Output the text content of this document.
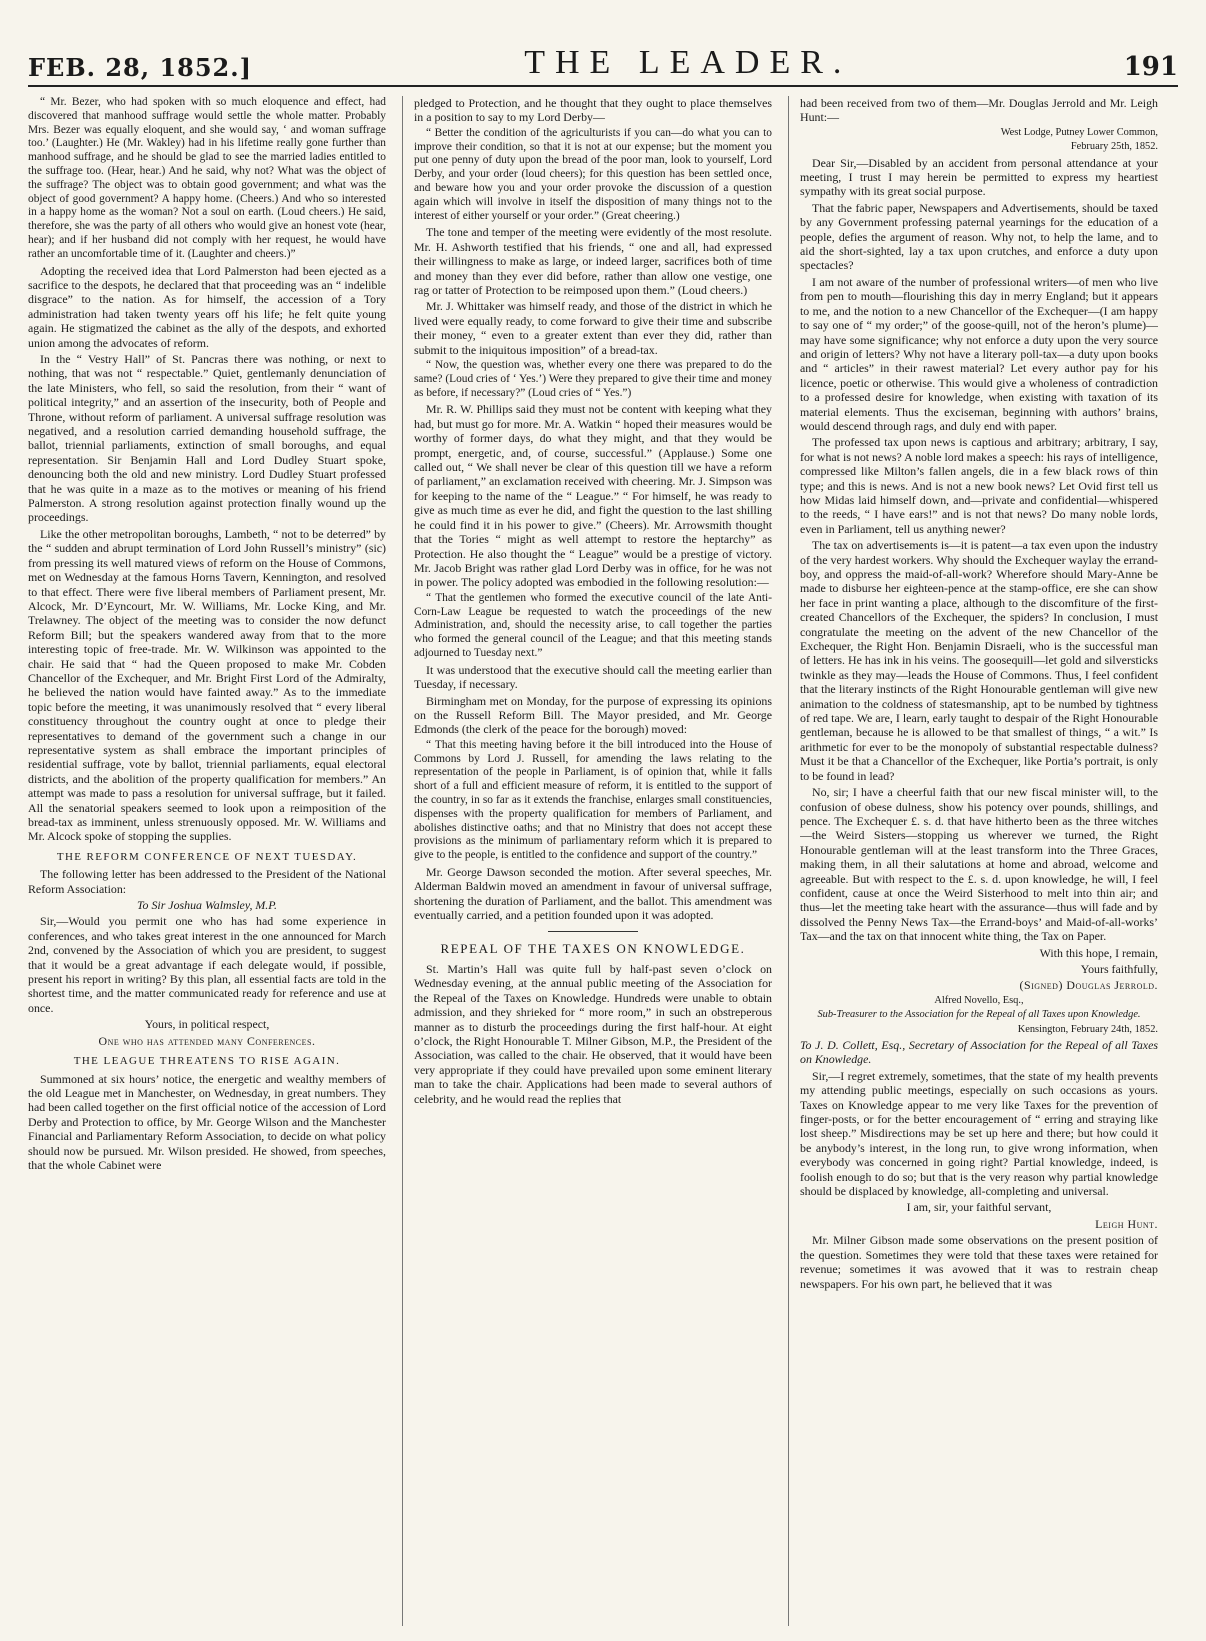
FEB. 28, 1852.]	THE LEADER.	191

“ Mr. Bezer, who had spoken with so much eloquence and effect, had discovered that manhood suffrage would settle the whole matter. Probably Mrs. Bezer was equally eloquent, and she would say, ‘ and woman suffrage too.’ (Laughter.) He (Mr. Wakley) had in his lifetime really gone further than manhood suffrage, and he should be glad to see the married ladies entitled to the suffrage too. (Hear, hear.) And he said, why not? What was the object of the suffrage? The object was to obtain good government; and what was the object of good government? A happy home. (Cheers.) And who so interested in a happy home as the woman? Not a soul on earth. (Loud cheers.) He said, therefore, she was the party of all others who would give an honest vote (hear, hear); and if her husband did not comply with her request, he would have rather an uncomfortable time of it. (Laughter and cheers.)”

Adopting the received idea that Lord Palmerston had been ejected as a sacrifice to the despots, he declared that that proceeding was an “ indelible disgrace” to the nation. As for himself, the accession of a Tory administration had taken twenty years off his life; he felt quite young again. He stigmatized the cabinet as the ally of the despots, and exhorted union among the advocates of reform.

In the “ Vestry Hall” of St. Pancras there was nothing, or next to nothing, that was not “ respectable.” Quiet, gentlemanly denunciation of the late Ministers, who fell, so said the resolution, from their “ want of political integrity,” and an assertion of the insecurity, both of People and Throne, without reform of parliament. A universal suffrage resolution was negatived, and a resolution carried demanding household suffrage, the ballot, triennial parliaments, extinction of small boroughs, and equal representation. Sir Benjamin Hall and Lord Dudley Stuart spoke, denouncing both the old and new ministry. Lord Dudley Stuart professed that he was quite in a maze as to the motives or meaning of his friend Palmerston. A strong resolution against protection finally wound up the proceedings.

Like the other metropolitan boroughs, Lambeth, “ not to be deterred” by the “ sudden and abrupt termination of Lord John Russell’s ministry” (sic) from pressing its well matured views of reform on the House of Commons, met on Wednesday at the famous Horns Tavern, Kennington, and resolved to that effect. There were five liberal members of Parliament present, Mr. Alcock, Mr. D’Eyncourt, Mr. W. Williams, Mr. Locke King, and Mr. Trelawney. The object of the meeting was to consider the now defunct Reform Bill; but the speakers wandered away from that to the more interesting topic of free-trade. Mr. W. Wilkinson was appointed to the chair. He said that “ had the Queen proposed to make Mr. Cobden Chancellor of the Exchequer, and Mr. Bright First Lord of the Admiralty, he believed the nation would have fainted away.” As to the immediate topic before the meeting, it was unanimously resolved that “ every liberal constituency throughout the country ought at once to pledge their representatives to demand of the government such a change in our representative system as shall embrace the important principles of residential suffrage, vote by ballot, triennial parliaments, equal electoral districts, and the abolition of the property qualification for members.” An attempt was made to pass a resolution for universal suffrage, but it failed. All the senatorial speakers seemed to look upon a reimposition of the bread-tax as imminent, unless strenuously opposed. Mr. W. Williams and Mr. Alcock spoke of stopping the supplies.

THE REFORM CONFERENCE OF NEXT TUESDAY.

The following letter has been addressed to the President of the National Reform Association:

To Sir Joshua Walmsley, M.P.

Sir,—Would you permit one who has had some experience in conferences, and who takes great interest in the one announced for March 2nd, convened by the Association of which you are president, to suggest that it would be a great advantage if each delegate would, if possible, present his report in writing? By this plan, all essential facts are told in the shortest time, and the matter communicated ready for reference and use at once.

Yours, in political respect,

One who has attended many Conferences.

THE LEAGUE THREATENS TO RISE AGAIN.

Summoned at six hours’ notice, the energetic and wealthy members of the old League met in Manchester, on Wednesday, in great numbers. They had been called together on the first official notice of the accession of Lord Derby and Protection to office, by Mr. George Wilson and the Manchester Financial and Parliamentary Reform Association, to decide on what policy should now be pursued. Mr. Wilson presided. He showed, from speeches, that the whole Cabinet were

pledged to Protection, and he thought that they ought to place themselves in a position to say to my Lord Derby—

“ Better the condition of the agriculturists if you can—do what you can to improve their condition, so that it is not at our expense; but the moment you put one penny of duty upon the bread of the poor man, look to yourself, Lord Derby, and your order (loud cheers); for this question has been settled once, and beware how you and your order provoke the discussion of a question again which will involve in itself the disposition of many things not to the interest of either yourself or your order.” (Great cheering.)

The tone and temper of the meeting were evidently of the most resolute. Mr. H. Ashworth testified that his friends, “ one and all, had expressed their willingness to make as large, or indeed larger, sacrifices both of time and money than they ever did before, rather than allow one vestige, one rag or tatter of Protection to be reimposed upon them.” (Loud cheers.)

Mr. J. Whittaker was himself ready, and those of the district in which he lived were equally ready, to come forward to give their time and subscribe their money, “ even to a greater extent than ever they did, rather than submit to the iniquitous imposition” of a bread-tax.

“ Now, the question was, whether every one there was prepared to do the same? (Loud cries of ‘ Yes.’) Were they prepared to give their time and money as before, if necessary?” (Loud cries of “ Yes.”)

Mr. R. W. Phillips said they must not be content with keeping what they had, but must go for more. Mr. A. Watkin “ hoped their measures would be worthy of former days, do what they might, and that they would be prompt, energetic, and, of course, successful.” (Applause.) Some one called out, “ We shall never be clear of this question till we have a reform of parliament,” an exclamation received with cheering. Mr. J. Simpson was for keeping to the name of the “ League.” “ For himself, he was ready to give as much time as ever he did, and fight the question to the last shilling he could find it in his power to give.” (Cheers). Mr. Arrowsmith thought that the Tories “ might as well attempt to restore the heptarchy” as Protection. He also thought the “ League” would be a prestige of victory. Mr. Jacob Bright was rather glad Lord Derby was in office, for he was not in power. The policy adopted was embodied in the following resolution:—

“ That the gentlemen who formed the executive council of the late Anti-Corn-Law League be requested to watch the proceedings of the new Administration, and, should the necessity arise, to call together the parties who formed the general council of the League; and that this meeting stands adjourned to Tuesday next.”

It was understood that the executive should call the meeting earlier than Tuesday, if necessary.

Birmingham met on Monday, for the purpose of expressing its opinions on the Russell Reform Bill. The Mayor presided, and Mr. George Edmonds (the clerk of the peace for the borough) moved:

“ That this meeting having before it the bill introduced into the House of Commons by Lord J. Russell, for amending the laws relating to the representation of the people in Parliament, is of opinion that, while it falls short of a full and efficient measure of reform, it is entitled to the support of the country, in so far as it extends the franchise, enlarges small constituencies, dispenses with the property qualification for members of Parliament, and abolishes distinctive oaths; and that no Ministry that does not accept these provisions as the minimum of parliamentary reform which it is prepared to give to the people, is entitled to the confidence and support of the country.”

Mr. George Dawson seconded the motion. After several speeches, Mr. Alderman Baldwin moved an amendment in favour of universal suffrage, shortening the duration of Parliament, and the ballot. This amendment was eventually carried, and a petition founded upon it was adopted.

REPEAL OF THE TAXES ON KNOWLEDGE.

St. Martin’s Hall was quite full by half-past seven o’clock on Wednesday evening, at the annual public meeting of the Association for the Repeal of the Taxes on Knowledge. Hundreds were unable to obtain admission, and they shrieked for “ more room,” in such an obstreperous manner as to disturb the proceedings during the first half-hour. At eight o’clock, the Right Honourable T. Milner Gibson, M.P., the President of the Association, was called to the chair. He observed, that it would have been very appropriate if they could have prevailed upon some eminent literary man to take the chair. Applications had been made to several authors of celebrity, and he would read the replies that

had been received from two of them—Mr. Douglas Jerrold and Mr. Leigh Hunt:—

West Lodge, Putney Lower Common,

February 25th, 1852.

Dear Sir,—Disabled by an accident from personal attendance at your meeting, I trust I may herein be permitted to express my heartiest sympathy with its great social purpose.

That the fabric paper, Newspapers and Advertisements, should be taxed by any Government professing paternal yearnings for the education of a people, defies the argument of reason. Why not, to help the lame, and to aid the short-sighted, lay a tax upon crutches, and enforce a duty upon spectacles?

I am not aware of the number of professional writers—of men who live from pen to mouth—flourishing this day in merry England; but it appears to me, and the notion to a new Chancellor of the Exchequer—(I am happy to say one of “ my order;” of the goose-quill, not of the heron’s plume)—may have some significance; why not enforce a duty upon the very source and origin of letters? Why not have a literary poll-tax—a duty upon books and “ articles” in their rawest material? Let every author pay for his licence, poetic or otherwise. This would give a wholeness of contradiction to a professed desire for knowledge, when existing with taxation of its material elements. Thus the exciseman, beginning with authors’ brains, would descend through rags, and duly end with paper.

The professed tax upon news is captious and arbitrary; arbitrary, I say, for what is not news? A noble lord makes a speech: his rays of intelligence, compressed like Milton’s fallen angels, die in a few black rows of thin type; and this is news. And is not a new book news? Let Ovid first tell us how Midas laid himself down, and—private and confidential—whispered to the reeds, “ I have ears!” and is not that news? Do many noble lords, even in Parliament, tell us anything newer?

The tax on advertisements is—it is patent—a tax even upon the industry of the very hardest workers. Why should the Exchequer waylay the errand-boy, and oppress the maid-of-all-work? Wherefore should Mary-Anne be made to disburse her eighteen-pence at the stamp-office, ere she can show her face in print wanting a place, although to the discomfiture of the first-created Chancellors of the Exchequer, the spiders? In conclusion, I must congratulate the meeting on the advent of the new Chancellor of the Exchequer, the Right Hon. Benjamin Disraeli, who is the successful man of letters. He has ink in his veins. The goosequill—let gold and silversticks twinkle as they may—leads the House of Commons. Thus, I feel confident that the literary instincts of the Right Honourable gentleman will give new animation to the coldness of statesmanship, apt to be numbed by tightness of red tape. We are, I learn, early taught to despair of the Right Honourable gentleman, because he is allowed to be that smallest of things, “ a wit.” Is arithmetic for ever to be the monopoly of substantial respectable dulness? Must it be that a Chancellor of the Exchequer, like Portia’s portrait, is only to be found in lead?

No, sir; I have a cheerful faith that our new fiscal minister will, to the confusion of obese dulness, show his potency over pounds, shillings, and pence. The Exchequer £. s. d. that have hitherto been as the three witches—the Weird Sisters—stopping us wherever we turned, the Right Honourable gentleman will at the least transform into the Three Graces, making them, in all their salutations at home and abroad, welcome and agreeable. But with respect to the £. s. d. upon knowledge, he will, I feel confident, cause at once the Weird Sisterhood to melt into thin air; and thus—let the meeting take heart with the assurance—thus will fade and by dissolved the Penny News Tax—the Errand-boys’ and Maid-of-all-works’ Tax—and the tax on that innocent white thing, the Tax on Paper.

With this hope, I remain,

Yours faithfully,

(Signed) Douglas Jerrold.

Alfred Novello, Esq.,

Sub-Treasurer to the Association for the Repeal of all Taxes upon Knowledge.

Kensington, February 24th, 1852.

To J. D. Collett, Esq., Secretary of Association for the Repeal of all Taxes on Knowledge.

Sir,—I regret extremely, sometimes, that the state of my health prevents my attending public meetings, especially on such occasions as yours. Taxes on Knowledge appear to me very like Taxes for the prevention of finger-posts, or for the better encouragement of “ erring and straying like lost sheep.” Misdirections may be set up here and there; but how could it be anybody’s interest, in the long run, to give wrong information, when everybody was concerned in going right? Partial knowledge, indeed, is foolish enough to do so; but that is the very reason why partial knowledge should be displaced by knowledge, all-completing and universal.

I am, sir, your faithful servant,

Leigh Hunt.

Mr. Milner Gibson made some observations on the present position of the question. Sometimes they were told that these taxes were retained for revenue; sometimes it was avowed that it was to restrain cheap newspapers. For his own part, he believed that it was
